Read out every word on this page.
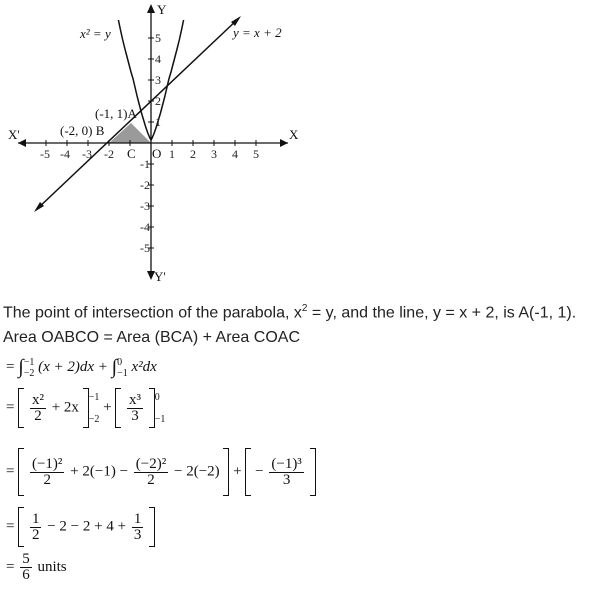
Y
Y'
X
X'
x² = y	y = x + 2
(-1, 1)A
(-2, 0) B
C O
-5 -4 -3 -2	1 2 3 4 5
5
4
3
2
1
-1
-2
-3
-4
-5
The point of intersection of the parabola, $x^2 = y$, and the line, y = x + 2, is A(-1, 1).
Area OABCO = Area (BCA) + Area COAC
= ∫−1
−2 (x + 2)dx + ∫0
−1 x²dx
= $\frac{\text{x²}}{2} + 2x -1$

$-2 + \frac{\text{x³}}{3} 0$

−1
= $\frac{\text{(−1)²}}{2} + 2(-1) - \frac{\text{(−2)²}}{2} - 2(-2)$ + − $\frac{\text{(−1)³}}{3}$

= $\frac{1}{2} - 2 - 2 + 4 + \frac{1}{3}$

= $\frac{5}{6}$ units
